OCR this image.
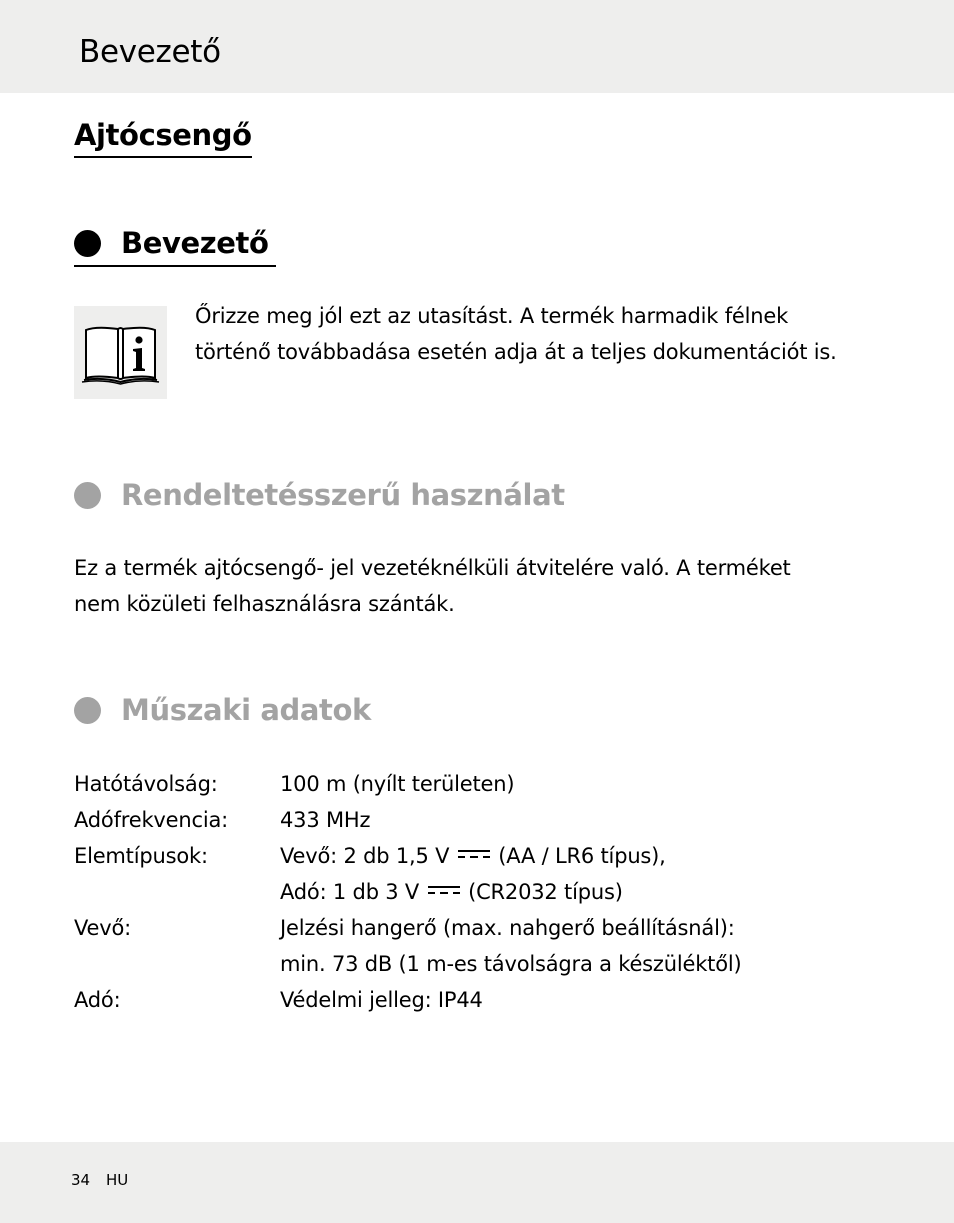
Bevezető
Ajtócsengő
Bevezető
Őrizze meg jól ezt az utasítást. A termék harmadik félnek
történő továbbadása esetén adja át a teljes dokumentációt is.
Rendeltetésszerű használat
Ez a termék ajtócsengő- jel vezetéknélküli átvitelére való. A terméket
nem közületi felhasználásra szánták.
Műszaki adatok
Hatótávolság:	100 m (nyílt területen)
Adófrekvencia: 433 MHz
Elemtípusok:	Vevő: 2 db 1,5 V (AA / LR6 típus),
Adó: 1 db 3 V (CR2032 típus)
Vevő:	Jelzési hangerő (max. nahgerő beállításnál):
min. 73 dB (1 m-es távolságra a készüléktől)
Adó:	Védelmi jelleg: IP44
34 HU
